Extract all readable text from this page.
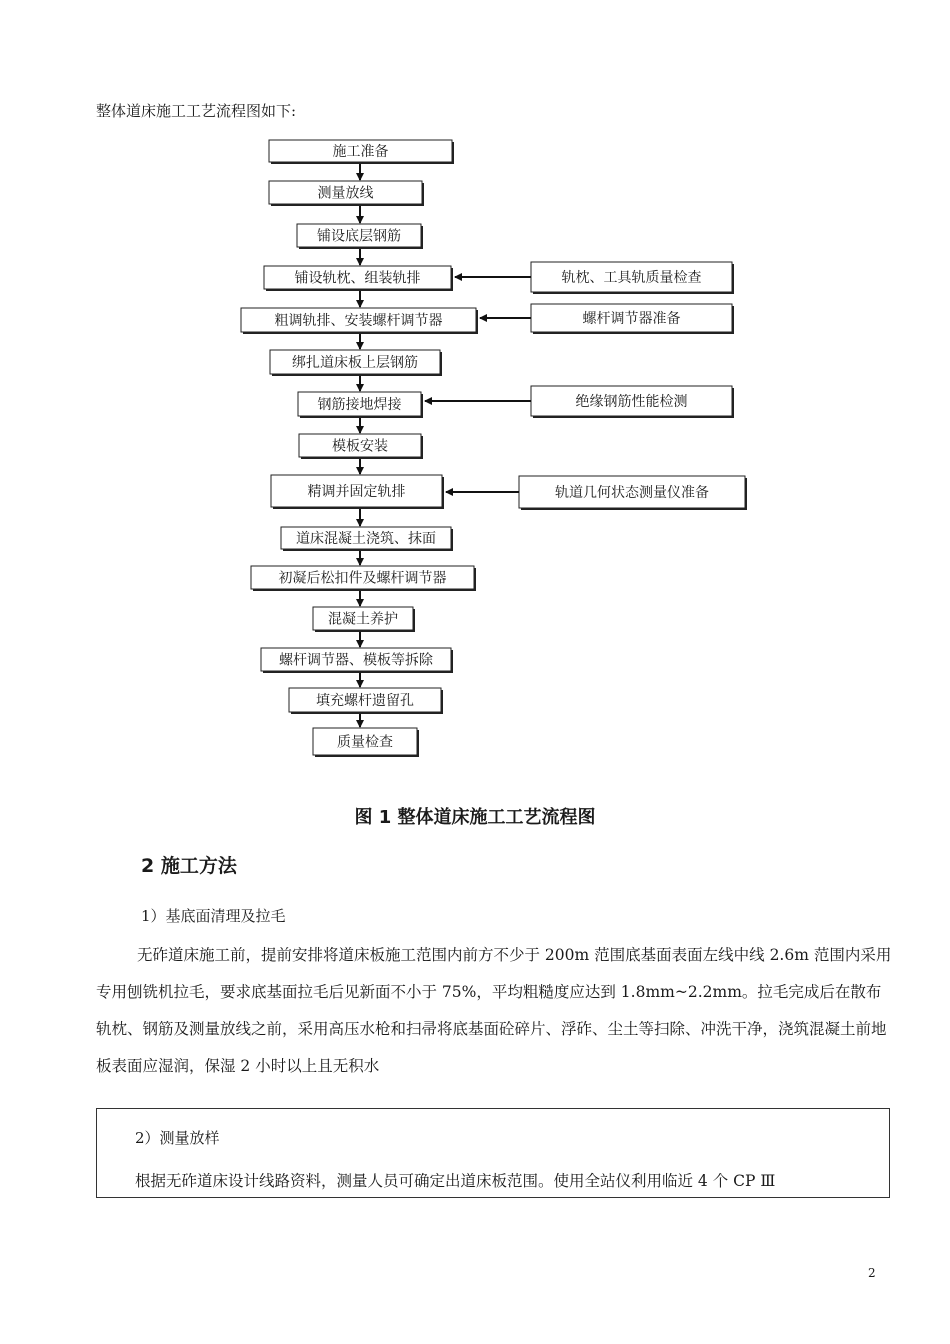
整体道床施工工艺流程图如下:
施工准备
测量放线
铺设底层钢筋
铺设轨枕、组装轨排
粗调轨排、安装螺杆调节器
绑扎道床板上层钢筋
钢筋接地焊接
模板安装
精调并固定轨排
道床混凝土浇筑、抹面
初凝后松扣件及螺杆调节器
混凝土养护
螺杆调节器、模板等拆除
填充螺杆遗留孔
质量检查
轨枕、工具轨质量检查
螺杆调节器准备
绝缘钢筋性能检测
轨道几何状态测量仪准备
图 1 整体道床施工工艺流程图
2 施工方法
1）基底面清理及拉毛

无砟道床施工前，提前安排将道床板施工范围内前方不少于 200m 范围底基面表面左线中线 2.6m 范围内采用专用刨铣机拉毛，要求底基面拉毛后见新面不小于 75%，平均粗糙度应达到 1.8mm~2.2mm。拉毛完成后在散布轨枕、钢筋及测量放线之前，采用高压水枪和扫帚将底基面砼碎片、浮砟、尘土等扫除、冲洗干净，浇筑混凝土前地板表面应湿润，保湿 2 小时以上且无积水

2）测量放样
根据无砟道床设计线路资料，测量人员可确定出道床板范围。使用全站仪利用临近 4 个 CP Ⅲ
2
